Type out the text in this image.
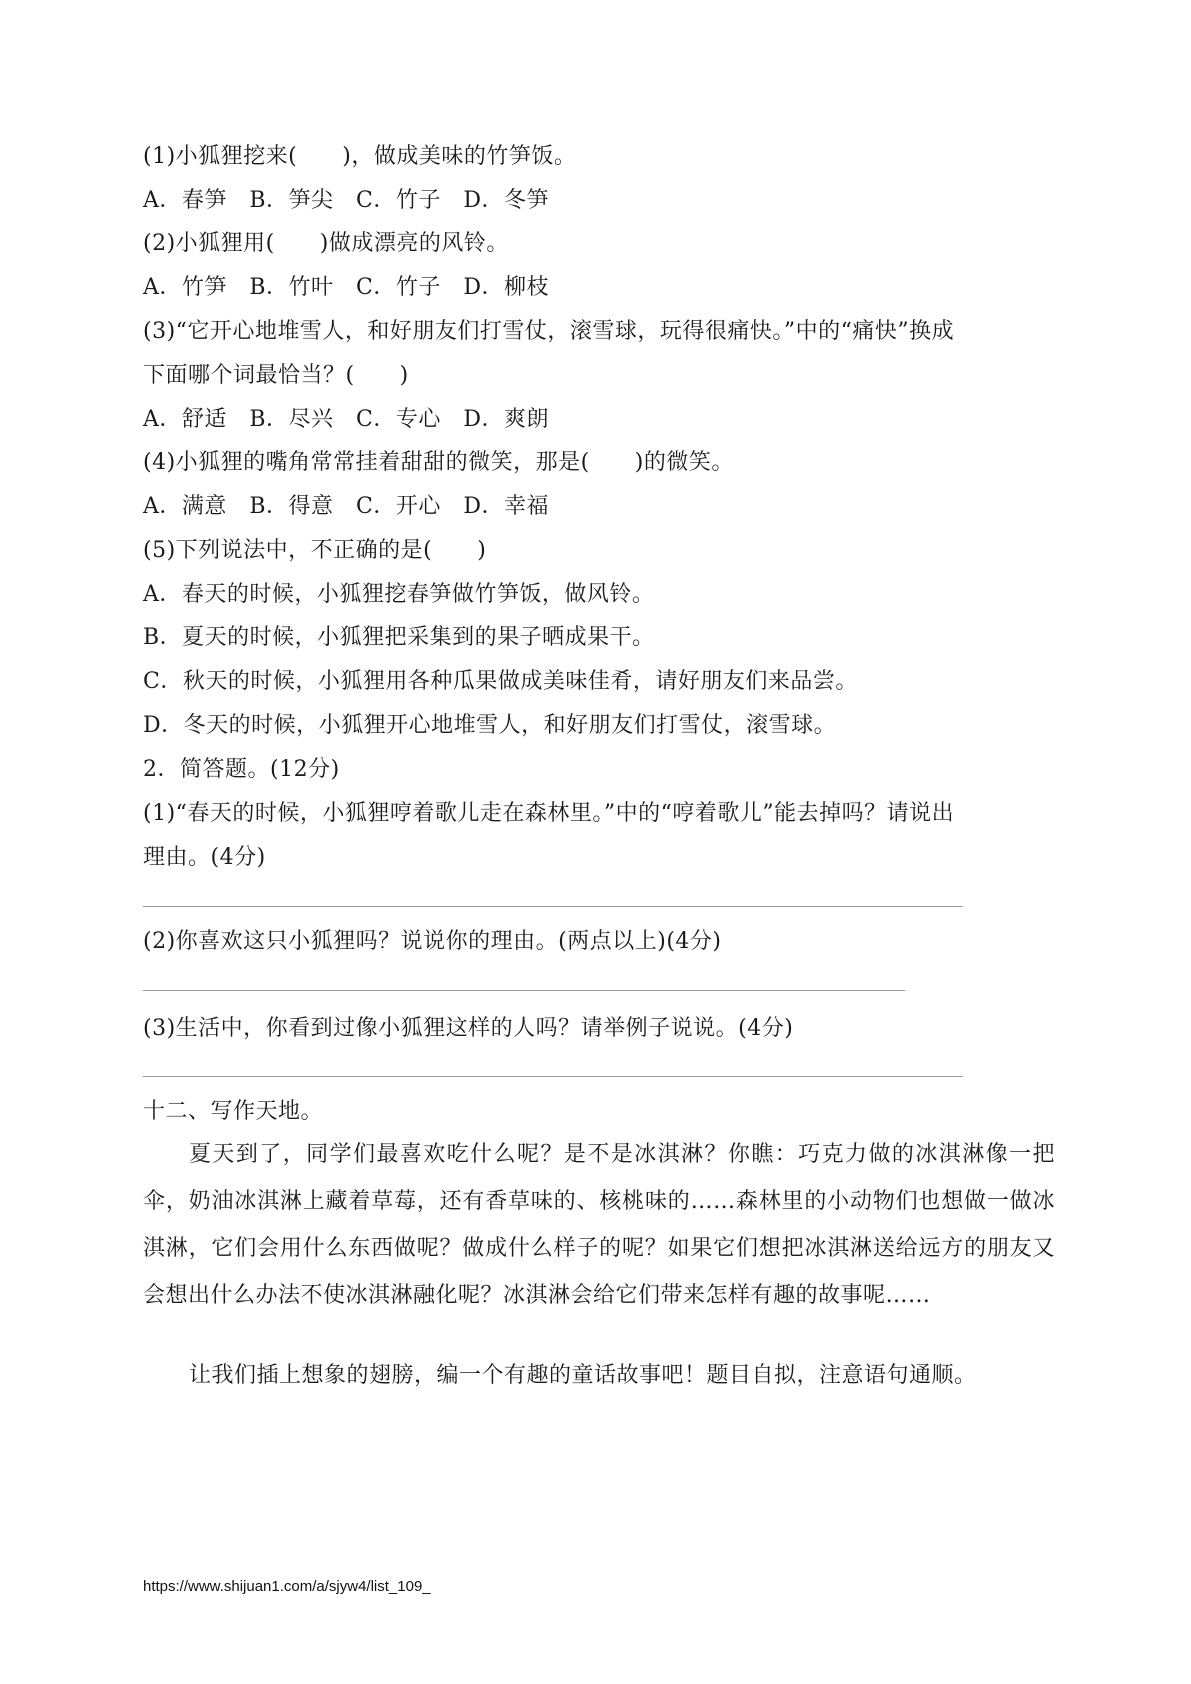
(1)小狐狸挖来(　　)，做成美味的竹笋饭。
A．春笋　B．笋尖　C．竹子　D．冬笋
(2)小狐狸用(　　)做成漂亮的风铃。
A．竹笋　B．竹叶　C．竹子　D．柳枝
(3)“它开心地堆雪人，和好朋友们打雪仗，滚雪球，玩得很痛快。”中的“痛快”换成
下面哪个词最恰当？(　　)
A．舒适　B．尽兴　C．专心　D．爽朗
(4)小狐狸的嘴角常常挂着甜甜的微笑，那是(　　)的微笑。
A．满意　B．得意　C．开心　D．幸福
(5)下列说法中，不正确的是(　　)
A．春天的时候，小狐狸挖春笋做竹笋饭，做风铃。
B．夏天的时候，小狐狸把采集到的果子晒成果干。
C．秋天的时候，小狐狸用各种瓜果做成美味佳肴，请好朋友们来品尝。
D．冬天的时候，小狐狸开心地堆雪人，和好朋友们打雪仗，滚雪球。
2．简答题。(12分)
(1)“春天的时候，小狐狸哼着歌儿走在森林里。”中的“哼着歌儿”能去掉吗？请说出
理由。(4分)
(2)你喜欢这只小狐狸吗？说说你的理由。(两点以上)(4分)
(3)生活中，你看到过像小狐狸这样的人吗？请举例子说说。(4分)
十二、写作天地。
夏天到了，同学们最喜欢吃什么呢？是不是冰淇淋？你瞧：巧克力做的冰淇淋像一把伞，奶油冰淇淋上藏着草莓，还有香草味的、核桃味的……森林里的小动物们也想做一做冰淇淋，它们会用什么东西做呢？做成什么样子的呢？如果它们想把冰淇淋送给远方的朋友又会想出什么办法不使冰淇淋融化呢？冰淇淋会给它们带来怎样有趣的故事呢……
让我们插上想象的翅膀，编一个有趣的童话故事吧！题目自拟，注意语句通顺。
https://www.shijuan1.com/a/sjyw4/list_109_
